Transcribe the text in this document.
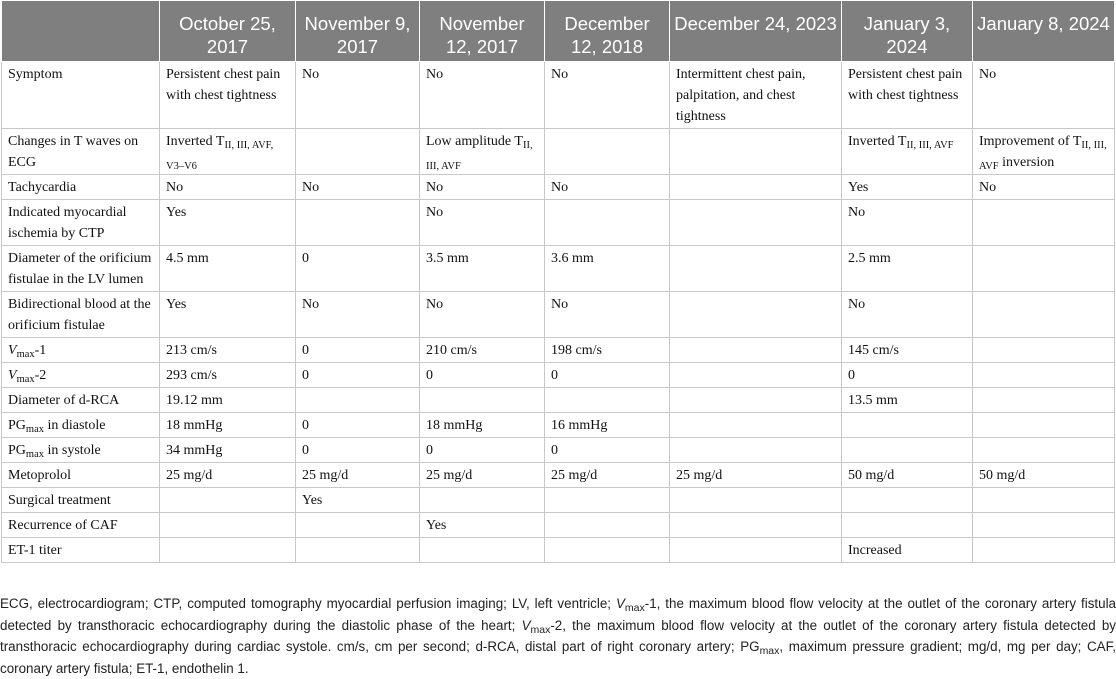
	October 25, 2017	November 9, 2017	November 12, 2017	December 12, 2018	December 24, 2023	January 3, 2024	January 8, 2024
Symptom	Persistent chest pain with chest tightness	No	No	No	Intermittent chest pain, palpitation, and chest tightness	Persistent chest pain with chest tightness	No
Changes in T waves on ECG	Inverted $T_{II, III, AVF, V3-V6}$		Low amplitude $T_{II, III, AVF}$			Inverted $T_{II, III, AVF}$	Improvement of $T_{II, III, AVF}$ inversion
Tachycardia	No	No	No	No		Yes	No
Indicated myocardial ischemia by CTP	Yes		No			No	
Diameter of the orificium fistulae in the LV lumen	4.5 mm	0	3.5 mm	3.6 mm		2.5 mm	
Bidirectional blood at the orificium fistulae	Yes	No	No	No		No	
$V_{max}-1$	213 cm/s	0	210 cm/s	198 cm/s		145 cm/s	
$V_{max}-2$	293 cm/s	0	0	0		0	
Diameter of d-RCA	19.12 mm					13.5 mm	
$PG_{max}$ in diastole	18 mmHg	0	18 mmHg	16 mmHg			
$PG_{max}$ in systole	34 mmHg	0	0	0			
Metoprolol	25 mg/d	25 mg/d	25 mg/d	25 mg/d	25 mg/d	50 mg/d	50 mg/d
Surgical treatment		Yes					
Recurrence of CAF			Yes				
ET-1 titer						Increased	

ECG, electrocardiogram; CTP, computed tomography myocardial perfusion imaging; LV, left ventricle; $V_{max}-1$, the maximum blood flow velocity at the outlet of the coronary artery fistula detected by transthoracic echocardiography during the diastolic phase of the heart; $V_{max}-2$, the maximum blood flow velocity at the outlet of the coronary artery fistula detected by transthoracic echocardiography during cardiac systole. cm/s, cm per second; d-RCA, distal part of right coronary artery; $PG_{max}$, maximum pressure gradient; mg/d, mg per day; CAF, coronary artery fistula; ET-1, endothelin 1.
